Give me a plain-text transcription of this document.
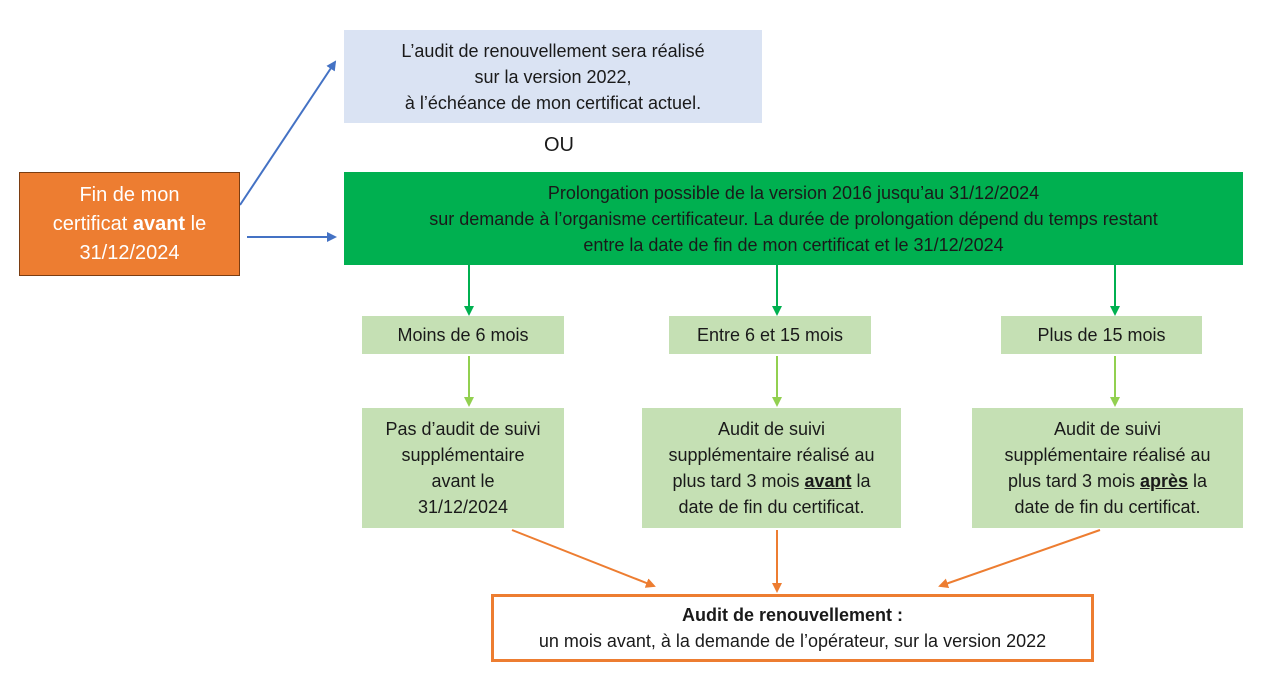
Fin de mon
certificat avant le
31/12/2024
L’audit de renouvellement sera réalisé
sur la version 2022,
à l’échéance de mon certificat actuel.
OU
Prolongation possible de la version 2016 jusqu’au 31/12/2024
sur demande à l’organisme certificateur. La durée de prolongation dépend du temps restant
entre la date de fin de mon certificat et le 31/12/2024
Moins de 6 mois	Entre 6 et 15 mois	Plus de 15 mois
Pas d’audit de suivi
supplémentaire
avant le
31/12/2024
Audit de suivi
supplémentaire réalisé au
plus tard 3 mois avant la
date de fin du certificat.
Audit de suivi
supplémentaire réalisé au
plus tard 3 mois après la
date de fin du certificat.
Audit de renouvellement :
un mois avant, à la demande de l’opérateur, sur la version 2022
